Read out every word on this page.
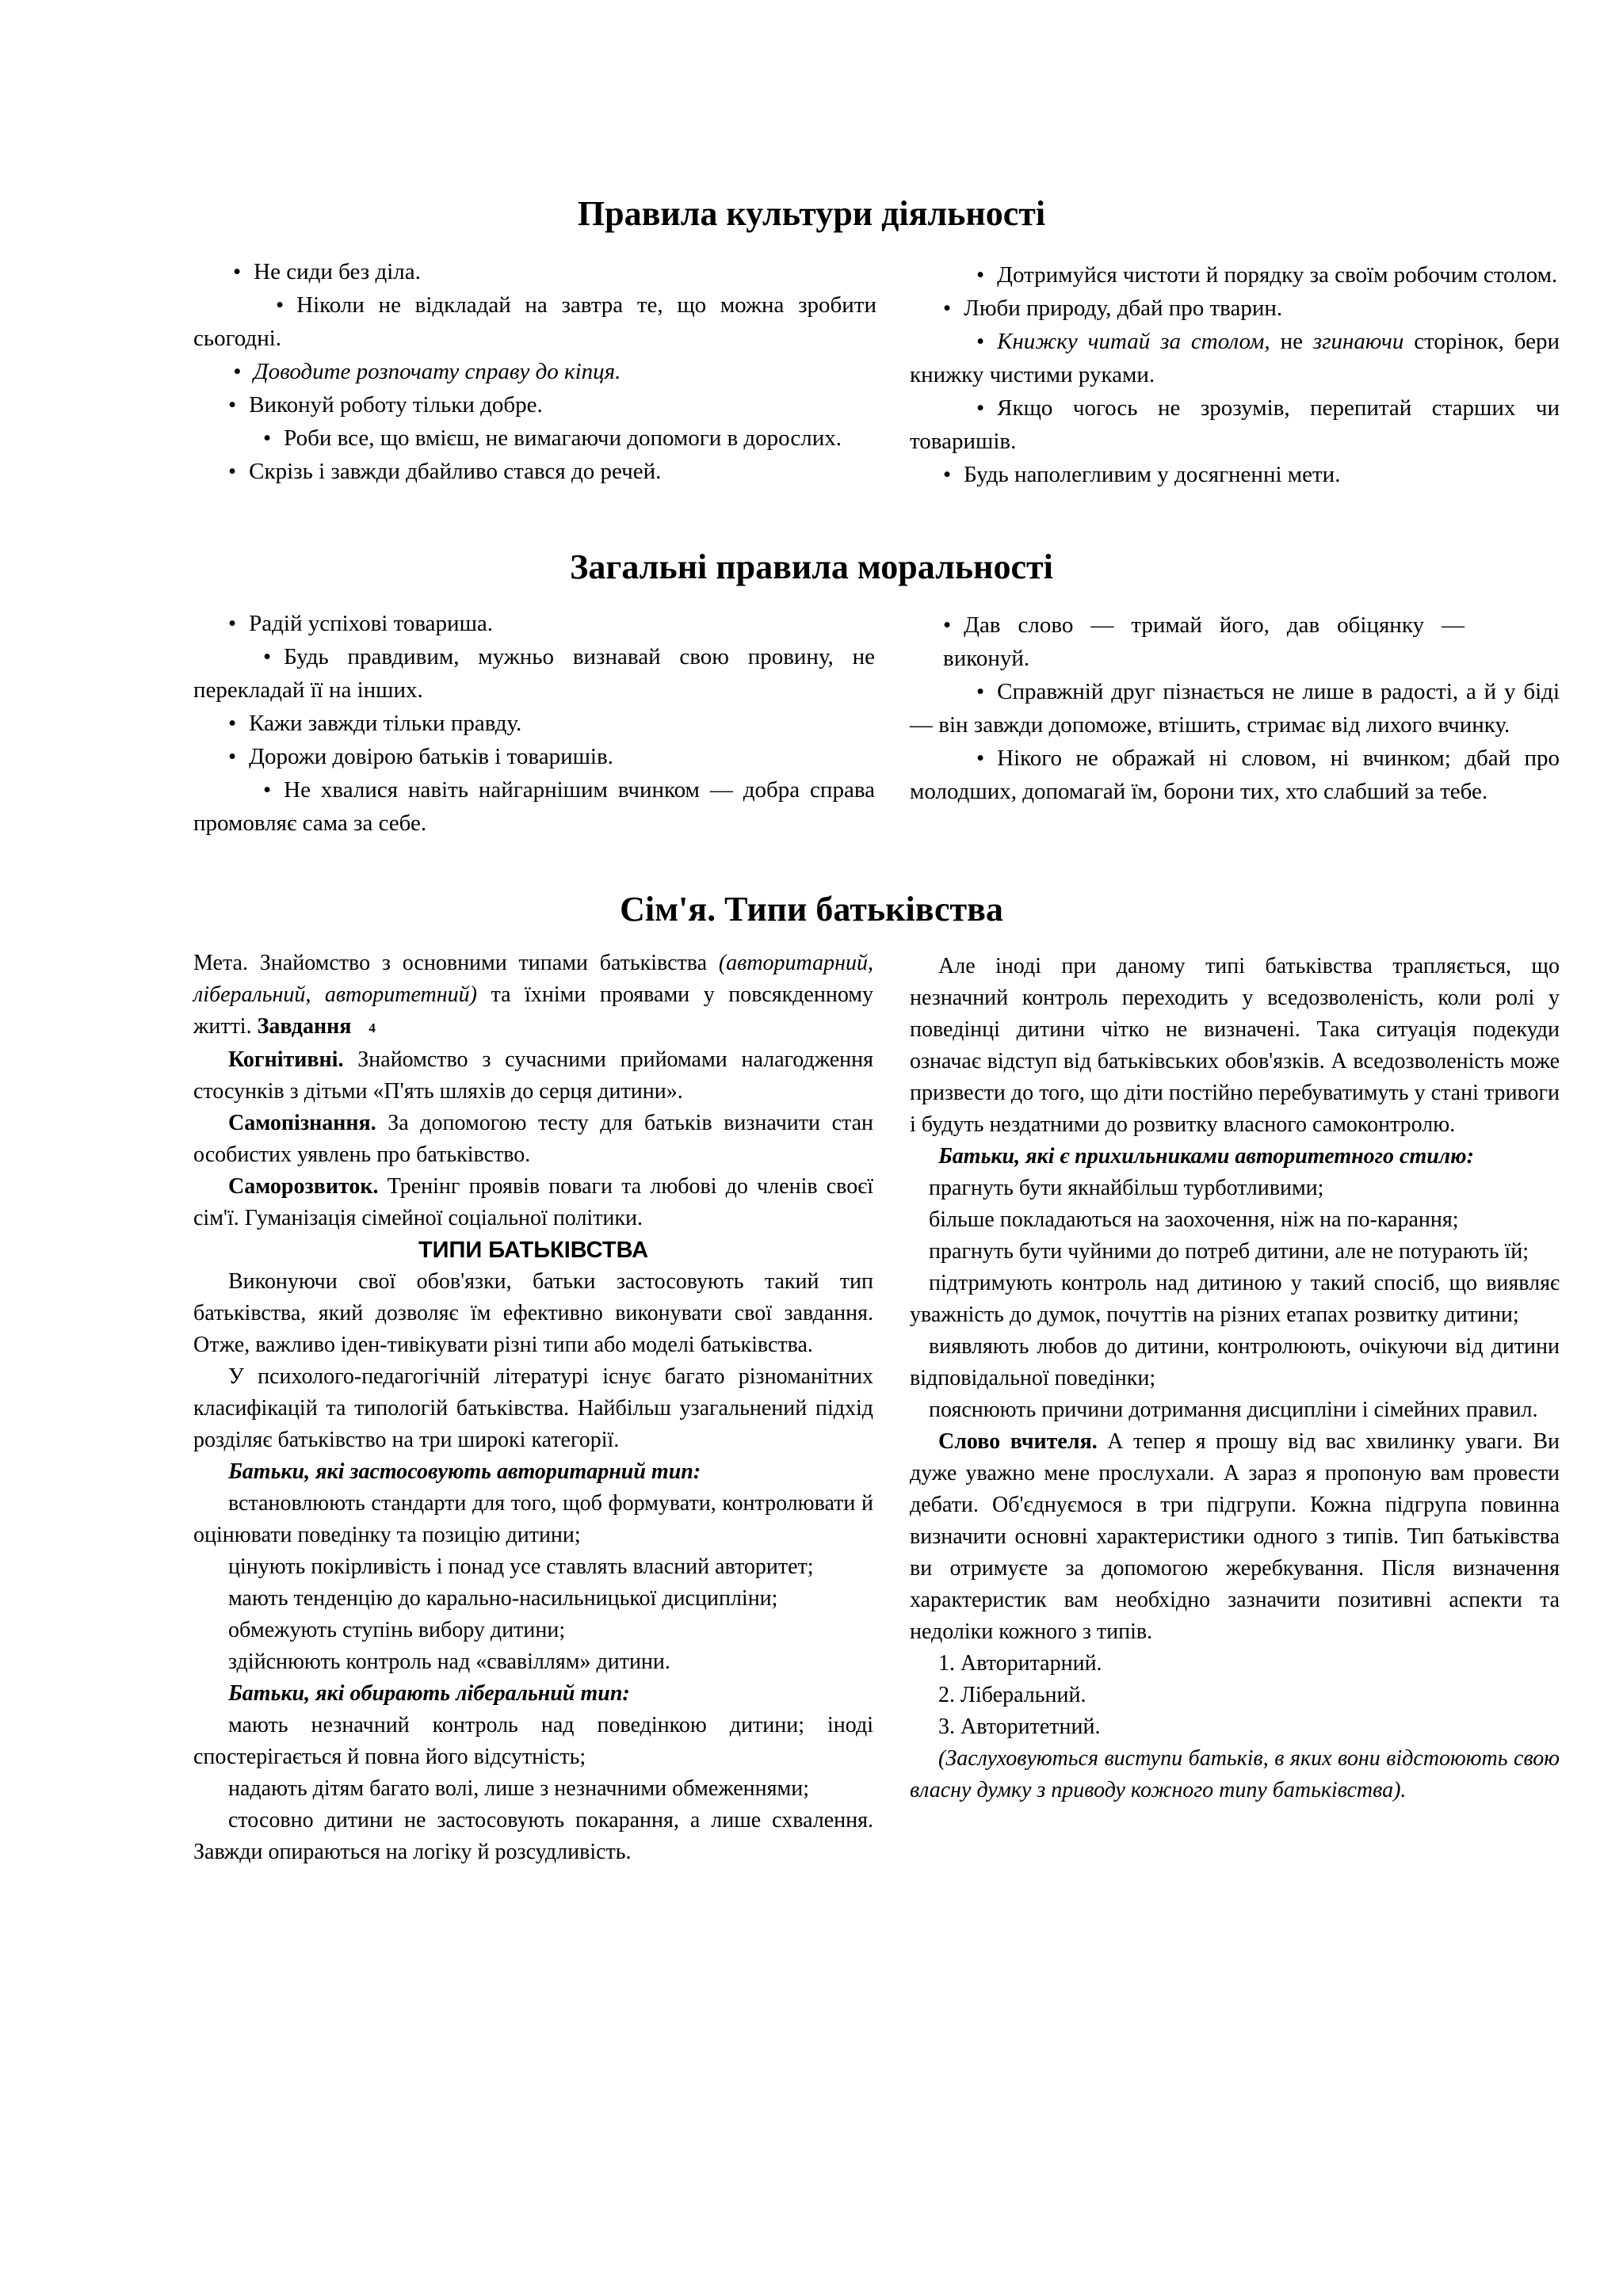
Правила культури діяльності

• Не сиди без діла.

• Ніколи не відкладай на завтра те, що можна зробити сьогодні.

• Доводите розпочату справу до кіпця.

• Виконуй роботу тільки добре.

• Роби все, що вмієш, не вимагаючи допомоги в дорослих.

• Скрізь і завжди дбайливо стався до речей.

• Дотримуйся чистоти й порядку за своїм робочим столом.

• Люби природу, дбай про тварин.

• Книжку читай за столом, не згинаючи сторінок, бери книжку чистими руками.

• Якщо чогось не зрозумів, перепитай старших чи товаришів.

• Будь наполегливим у досягненні мети.

Загальні правила моральності

• Радій успіхові товариша.

• Будь правдивим, мужньо визнавай свою провину, не перекладай її на інших.

• Кажи завжди тільки правду.

• Дорожи довірою батьків і товаришів.

• Не хвалися навіть найгарнішим вчинком — добра справа промовляє сама за себе.

• Дав слово — тримай його, дав обіцянку — виконуй.

• Справжній друг пізнається не лише в радості, а й у біді — він завжди допоможе, втішить, стримає від лихого вчинку.

• Нікого не ображай ні словом, ні вчинком; дбай про молодших, допомагай їм, борони тих, хто слабший за тебе.

Сім'я. Типи батьківства

Мета. Знайомство з основними типами батьківства (авторитарний, ліберальний, авторитетний) та їхніми проявами у повсякденному житті. Завдання 4

Когнітивні. Знайомство з сучасними прийомами налагодження стосунків з дітьми «П'ять шляхів до серця дитини».

Самопізнання. За допомогою тесту для батьків визначити стан особистих уявлень про батьківство.

Саморозвиток. Тренінг проявів поваги та любові до членів своєї сім'ї. Гуманізація сімейної соціальної політики.

ТИПИ БАТЬКІВСТВА

Виконуючи свої обов'язки, батьки застосовують такий тип батьківства, який дозволяє їм ефективно виконувати свої завдання. Отже, важливо іден-тивікувати різні типи або моделі батьківства.

У психолого-педагогічній літературі існує багато різноманітних класифікацій та типологій батьківства. Найбільш узагальнений підхід розділяє батьківство на три широкі категорії.

Батьки, які застосовують авторитарний тип:

встановлюють стандарти для того, щоб формувати, контролювати й оцінювати поведінку та позицію дитини;

цінують покірливість і понад усе ставлять власний авторитет;

мають тенденцію до карально-насильницької дисципліни;

обмежують ступінь вибору дитини;

здійснюють контроль над «свавіллям» дитини.

Батьки, які обирають ліберальний тип:

мають незначний контроль над поведінкою дитини; іноді спостерігається й повна його відсутність;

надають дітям багато волі, лише з незначними обмеженнями;

стосовно дитини не застосовують покарання, а лише схвалення. Завжди опираються на логіку й розсудливість.

Але іноді при даному типі батьківства трапляється, що незначний контроль переходить у вседозволеність, коли ролі у поведінці дитини чітко не визначені. Така ситуація подекуди означає відступ від батьківських обов'язків. А вседозволеність може призвести до того, що діти постійно перебуватимуть у стані тривоги і будуть нездатними до розвитку власного самоконтролю.

Батьки, які є прихильниками авторитетного стилю:

прагнуть бути якнайбільш турботливими;

більше покладаються на заохочення, ніж на по-карання;

прагнуть бути чуйними до потреб дитини, але не потурають їй;

підтримують контроль над дитиною у такий спосіб, що виявляє уважність до думок, почуттів на різних етапах розвитку дитини;

виявляють любов до дитини, контролюють, очікуючи від дитини відповідальної поведінки;

пояснюють причини дотримання дисципліни і сімейних правил.

Слово вчителя. А тепер я прошу від вас хвилинку уваги. Ви дуже уважно мене прослухали. А зараз я пропоную вам провести дебати. Об'єднуємося в три підгрупи. Кожна підгрупа повинна визначити основні характеристики одного з типів. Тип батьківства ви отримуєте за допомогою жеребкування. Після визначення характеристик вам необхідно зазначити позитивні аспекти та недоліки кожного з типів.

1. Авторитарний.

2. Ліберальний.

3. Авторитетний.

(Заслуховуються виступи батьків, в яких вони відстоюють свою власну думку з приводу кожного типу батьківства).
